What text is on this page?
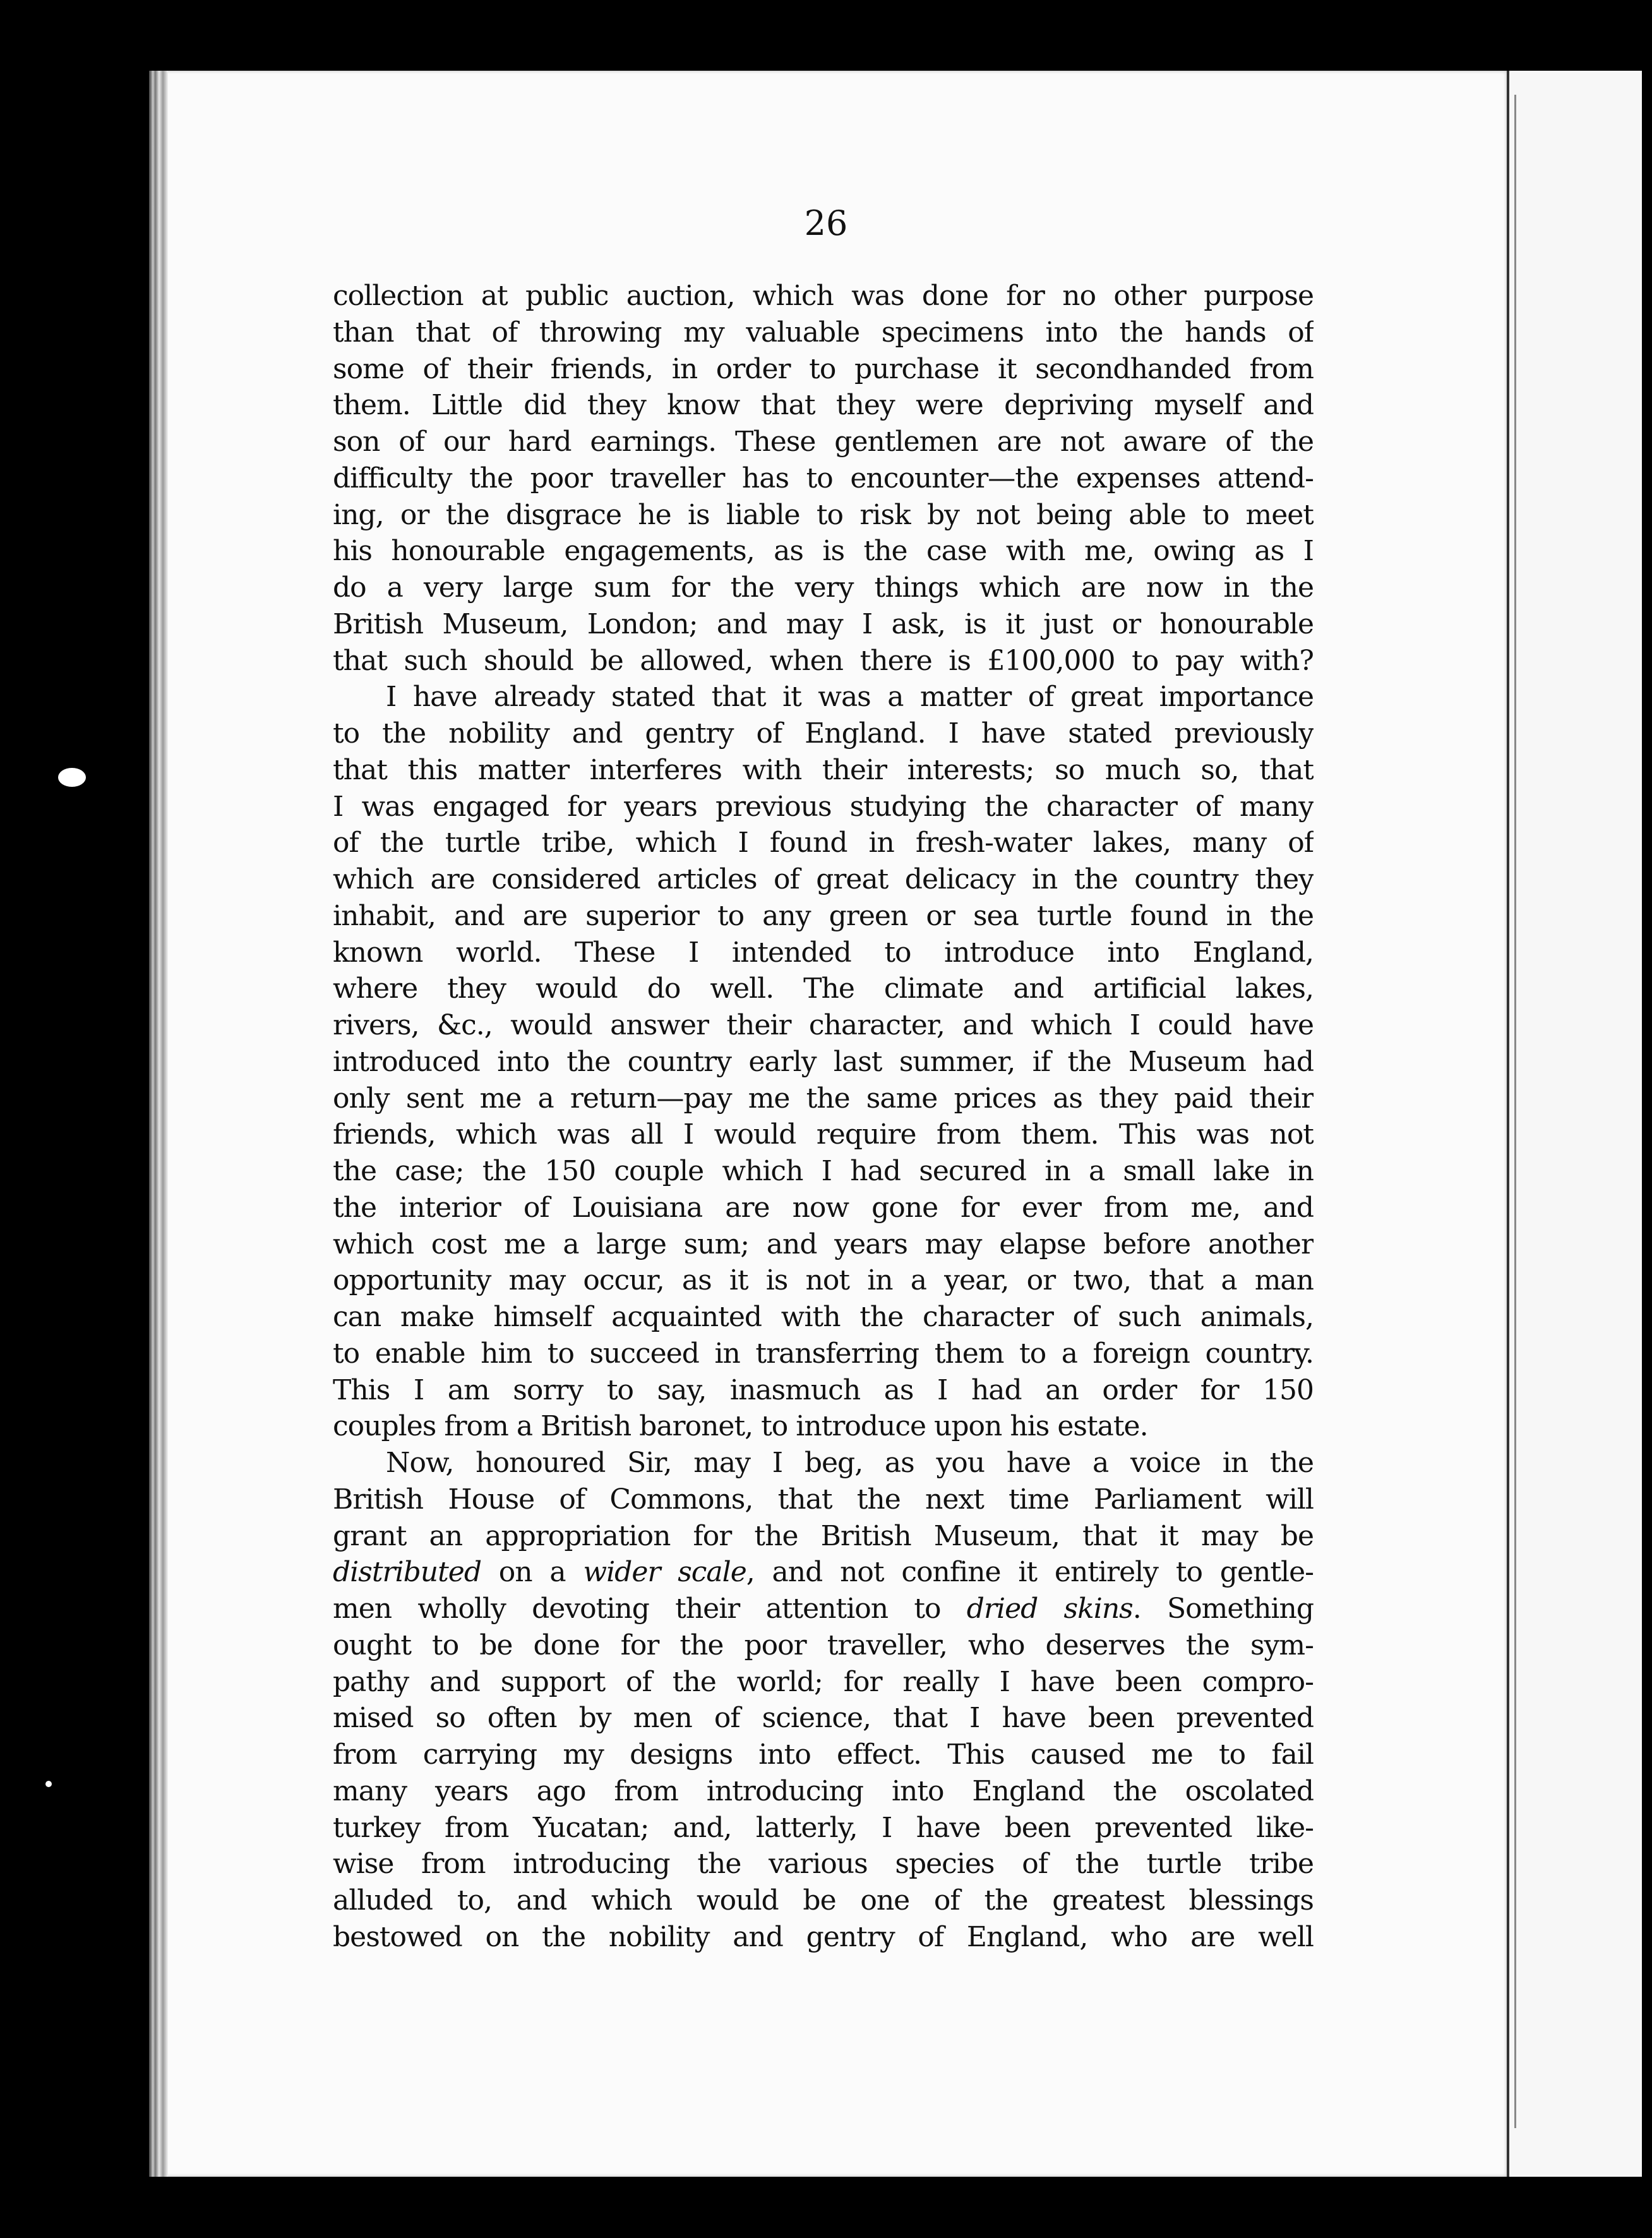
26
collection at public auction, which was done for no other purpose
than that of throwing my valuable specimens into the hands of
some of their friends, in order to purchase it secondhanded from
them. Little did they know that they were depriving myself and
son of our hard earnings. These gentlemen are not aware of the
difficulty the poor traveller has to encounter—the expenses attend-
ing, or the disgrace he is liable to risk by not being able to meet
his honourable engagements, as is the case with me, owing as I
do a very large sum for the very things which are now in the
British Museum, London; and may I ask, is it just or honourable
that such should be allowed, when there is £100,000 to pay with?
I have already stated that it was a matter of great importance
to the nobility and gentry of England. I have stated previously
that this matter interferes with their interests; so much so, that
I was engaged for years previous studying the character of many
of the turtle tribe, which I found in fresh-water lakes, many of
which are considered articles of great delicacy in the country they
inhabit, and are superior to any green or sea turtle found in the
known world. These I intended to introduce into England,
where they would do well. The climate and artificial lakes,
rivers, &c., would answer their character, and which I could have
introduced into the country early last summer, if the Museum had
only sent me a return—pay me the same prices as they paid their
friends, which was all I would require from them. This was not
the case; the 150 couple which I had secured in a small lake in
the interior of Louisiana are now gone for ever from me, and
which cost me a large sum; and years may elapse before another
opportunity may occur, as it is not in a year, or two, that a man
can make himself acquainted with the character of such animals,
to enable him to succeed in transferring them to a foreign country.
This I am sorry to say, inasmuch as I had an order for 150
couples from a British baronet, to introduce upon his estate.
Now, honoured Sir, may I beg, as you have a voice in the
British House of Commons, that the next time Parliament will
grant an appropriation for the British Museum, that it may be
distributed on a wider scale, and not confine it entirely to gentle-
men wholly devoting their attention to dried skins. Something
ought to be done for the poor traveller, who deserves the sym-
pathy and support of the world; for really I have been compro-
mised so often by men of science, that I have been prevented
from carrying my designs into effect. This caused me to fail
many years ago from introducing into England the oscolated
turkey from Yucatan; and, latterly, I have been prevented like-
wise from introducing the various species of the turtle tribe
alluded to, and which would be one of the greatest blessings
bestowed on the nobility and gentry of England, who are well
